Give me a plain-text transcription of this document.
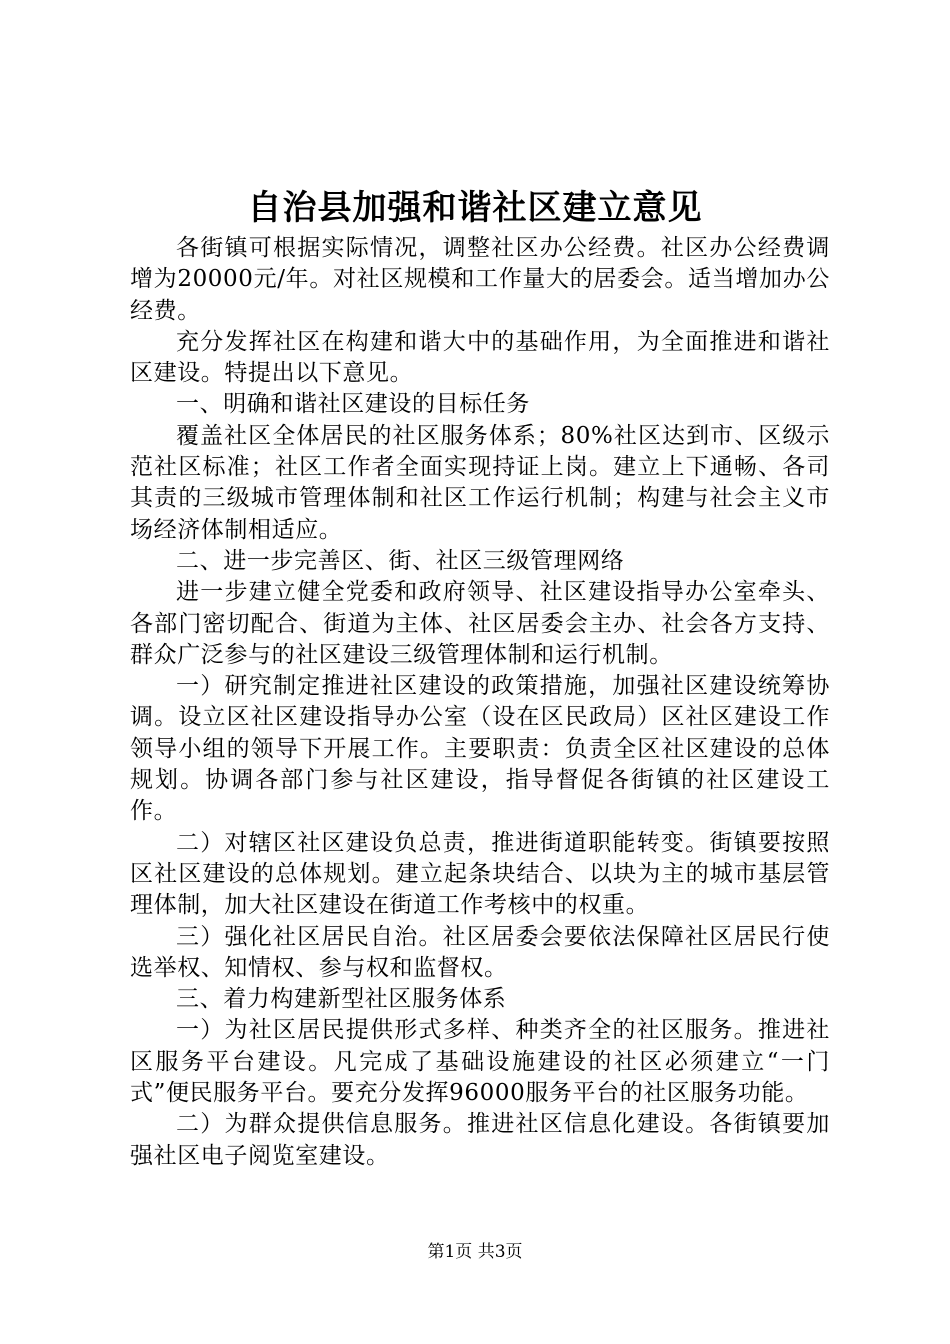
自治县加强和谐社区建立意见

各街镇可根据实际情况，调整社区办公经费。社区办公经费调增为20000元/年。对社区规模和工作量大的居委会。适当增加办公经费。

充分发挥社区在构建和谐大中的基础作用，为全面推进和谐社区建设。特提出以下意见。

一、明确和谐社区建设的目标任务

覆盖社区全体居民的社区服务体系；80%社区达到市、区级示范社区标准；社区工作者全面实现持证上岗。建立上下通畅、各司其责的三级城市管理体制和社区工作运行机制；构建与社会主义市场经济体制相适应。

二、进一步完善区、街、社区三级管理网络

进一步建立健全党委和政府领导、社区建设指导办公室牵头、各部门密切配合、街道为主体、社区居委会主办、社会各方支持、群众广泛参与的社区建设三级管理体制和运行机制。

一）研究制定推进社区建设的政策措施，加强社区建设统筹协调。设立区社区建设指导办公室（设在区民政局）区社区建设工作领导小组的领导下开展工作。主要职责：负责全区社区建设的总体规划。协调各部门参与社区建设，指导督促各街镇的社区建设工作。

二）对辖区社区建设负总责，推进街道职能转变。街镇要按照区社区建设的总体规划。建立起条块结合、以块为主的城市基层管理体制，加大社区建设在街道工作考核中的权重。

三）强化社区居民自治。社区居委会要依法保障社区居民行使选举权、知情权、参与权和监督权。

三、着力构建新型社区服务体系

一）为社区居民提供形式多样、种类齐全的社区服务。推进社区服务平台建设。凡完成了基础设施建设的社区必须建立“一门式”便民服务平台。要充分发挥96000服务平台的社区服务功能。

二）为群众提供信息服务。推进社区信息化建设。各街镇要加强社区电子阅览室建设。

第1页 共3页
